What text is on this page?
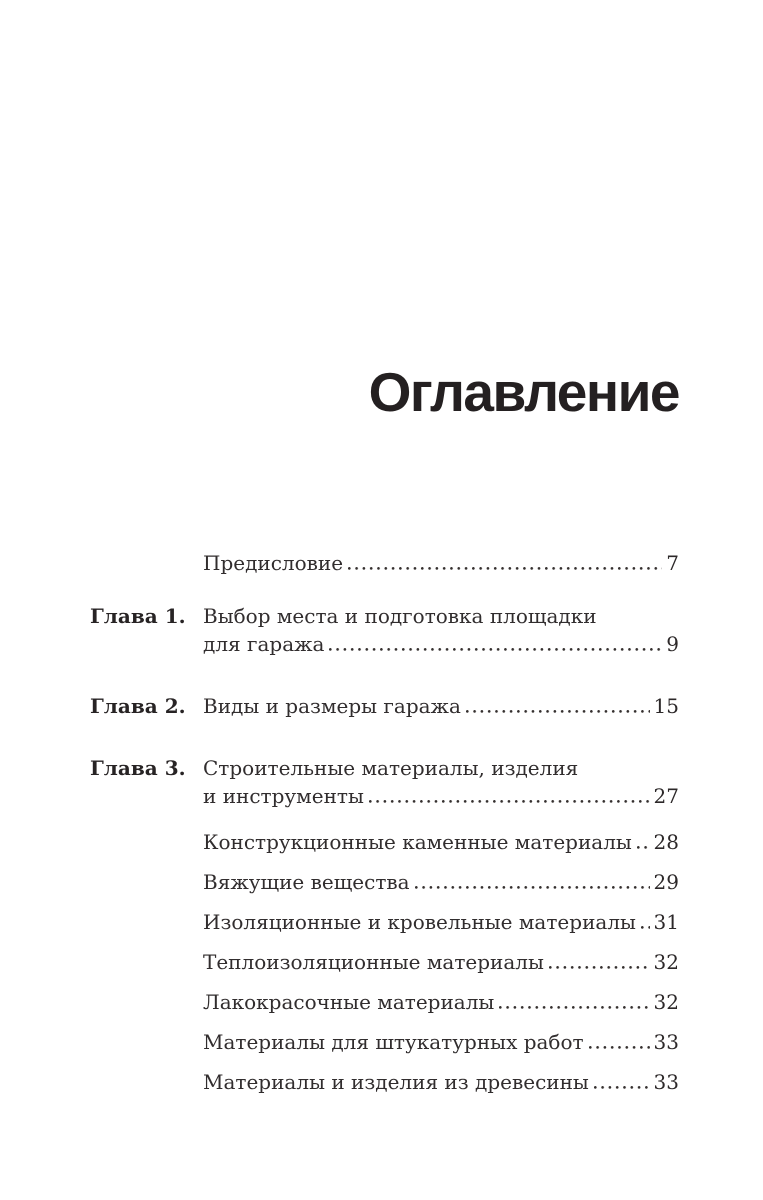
Оглавление
Предисловие	7
Глава 1. Выбор места и подготовка площадки
для гаража	9
Глава 2. Виды и размеры гаража	15
Глава 3. Строительные материалы, изделия
и инструменты	27
Конструкционные каменные материалы 28
Вяжущие вещества	29
Изоляционные и кровельные материалы 31
Теплоизоляционные материалы	32
Лакокрасочные материалы	32
Материалы для штукатурных работ	33
Материалы и изделия из древесины	33
